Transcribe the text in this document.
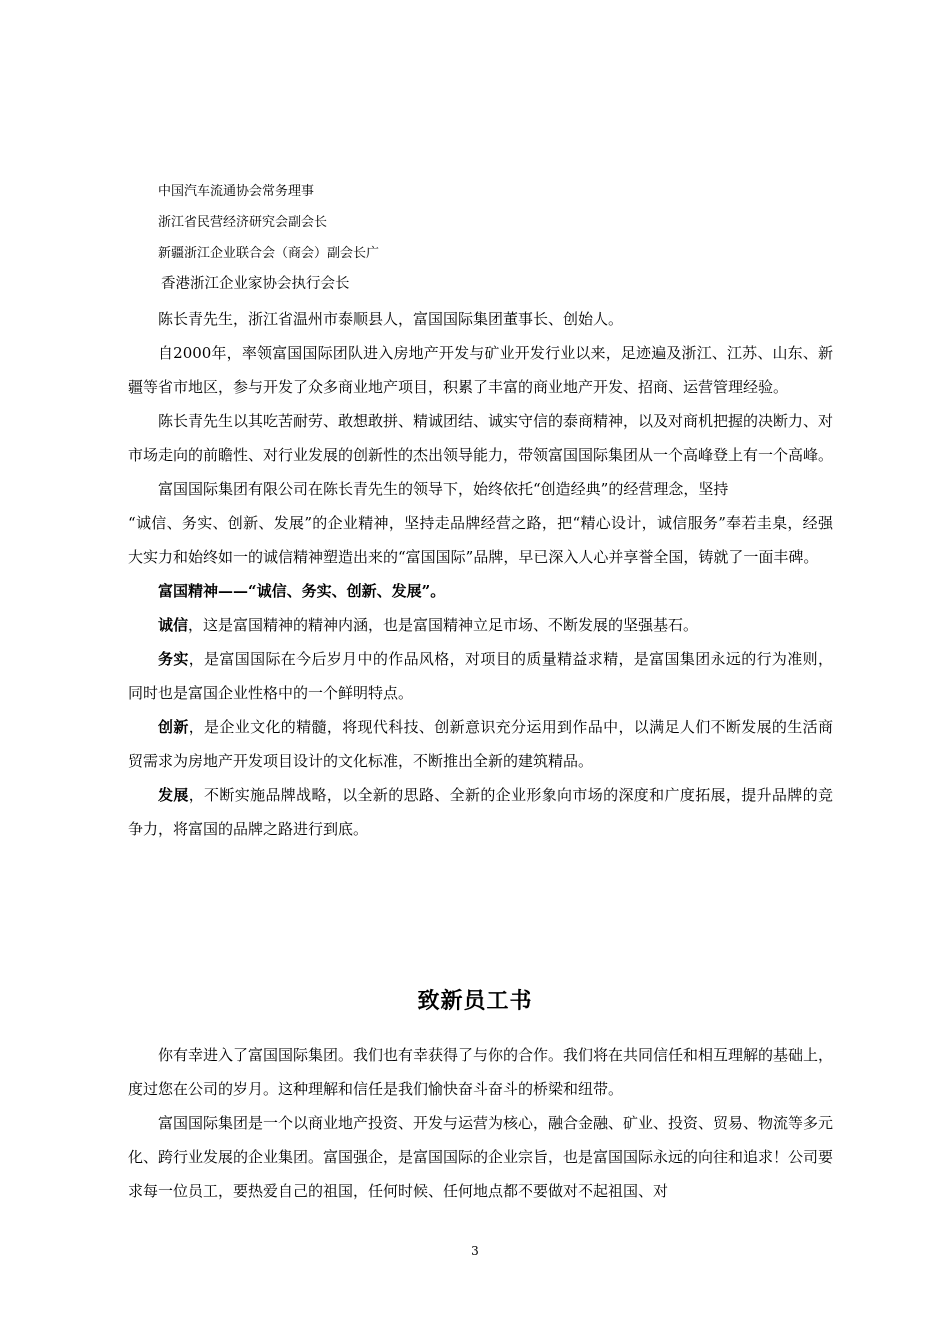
中国汽车流通协会常务理事

浙江省民营经济研究会副会长

新疆浙江企业联合会（商会）副会长广

香港浙江企业家协会执行会长

陈长青先生，浙江省温州市泰顺县人，富国国际集团董事长、创始人。

自2000年，率领富国国际团队进入房地产开发与矿业开发行业以来，足迹遍及浙江、江苏、山东、新疆等省市地区，参与开发了众多商业地产项目，积累了丰富的商业地产开发、招商、运营管理经验。

陈长青先生以其吃苦耐劳、敢想敢拼、精诚团结、诚实守信的泰商精神，以及对商机把握的决断力、对市场走向的前瞻性、对行业发展的创新性的杰出领导能力，带领富国国际集团从一个高峰登上有一个高峰。

富国国际集团有限公司在陈长青先生的领导下，始终依托“创造经典”的经营理念，坚持

“诚信、务实、创新、发展”的企业精神，坚持走品牌经营之路，把“精心设计，诚信服务”奉若圭臬，经强大实力和始终如一的诚信精神塑造出来的“富国国际”品牌，早已深入人心并享誉全国，铸就了一面丰碑。

富国精神——“诚信、务实、创新、发展”。

诚信，这是富国精神的精神内涵，也是富国精神立足市场、不断发展的坚强基石。

务实，是富国国际在今后岁月中的作品风格，对项目的质量精益求精，是富国集团永远的行为准则，同时也是富国企业性格中的一个鲜明特点。

创新，是企业文化的精髓，将现代科技、创新意识充分运用到作品中，以满足人们不断发展的生活商贸需求为房地产开发项目设计的文化标准，不断推出全新的建筑精品。

发展，不断实施品牌战略，以全新的思路、全新的企业形象向市场的深度和广度拓展，提升品牌的竞争力，将富国的品牌之路进行到底。

致新员工书

你有幸进入了富国国际集团。我们也有幸获得了与你的合作。我们将在共同信任和相互理解的基础上，度过您在公司的岁月。这种理解和信任是我们愉快奋斗奋斗的桥梁和纽带。

富国国际集团是一个以商业地产投资、开发与运营为核心，融合金融、矿业、投资、贸易、物流等多元化、跨行业发展的企业集团。富国强企，是富国国际的企业宗旨，也是富国国际永远的向往和追求！公司要求每一位员工，要热爱自己的祖国，任何时候、任何地点都不要做对不起祖国、对

3
